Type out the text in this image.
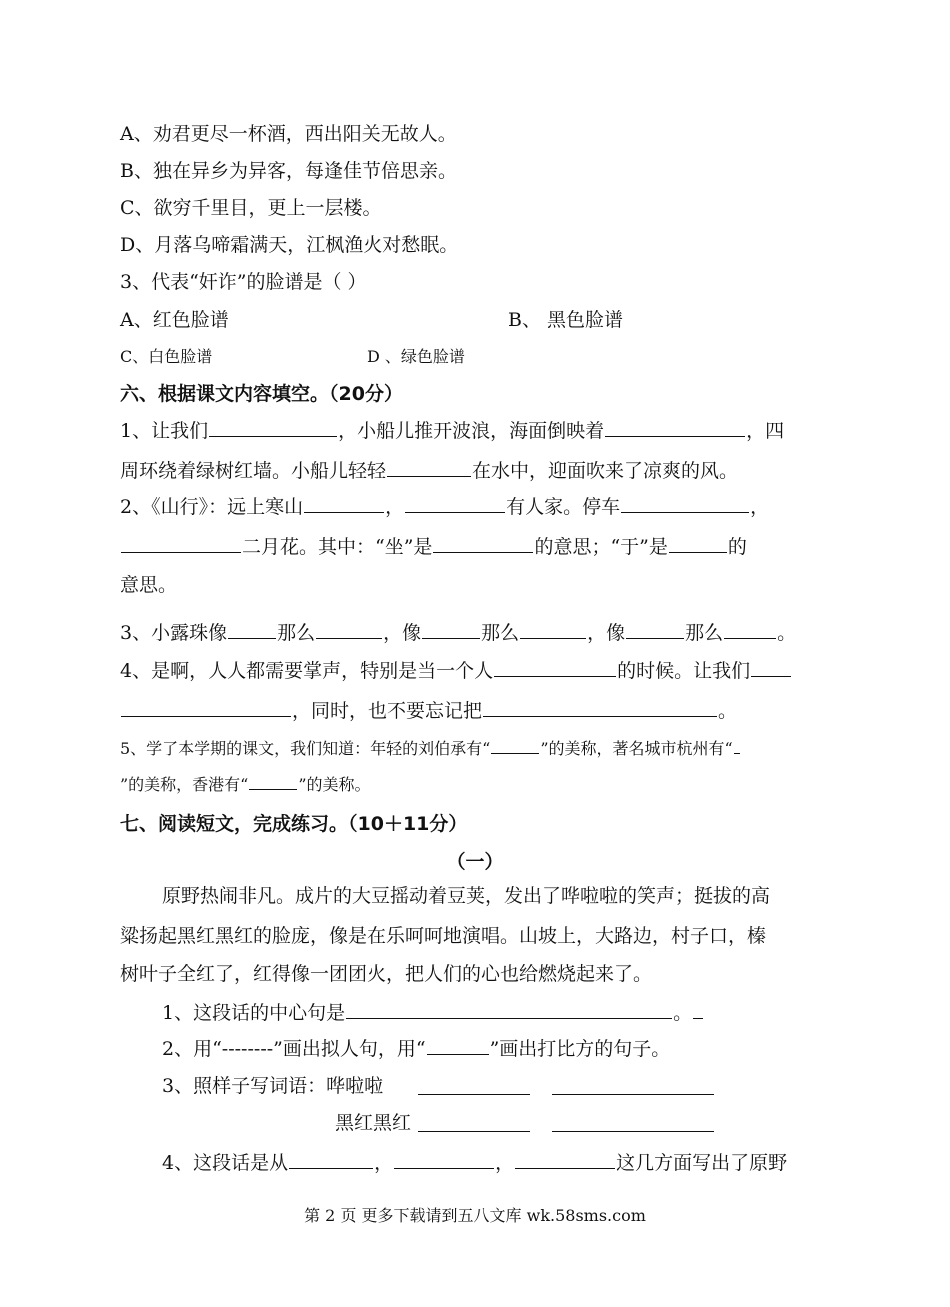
A、劝君更尽一杯酒，西出阳关无故人。
B、独在异乡为异客，每逢佳节倍思亲。
C、欲穷千里目，更上一层楼。
D、月落乌啼霜满天，江枫渔火对愁眠。
3、代表“奸诈”的脸谱是（ ）
A、红色脸谱	B、 黑色脸谱
C、白色脸谱	D 、绿色脸谱
六、根据课文内容填空。（20分）
1、让我们	，小船儿推开波浪，海面倒映着	，四
周环绕着绿树红墙。小船儿轻轻	在水中，迎面吹来了凉爽的风。
2、《山行》：远上寒山	，	有人家。停车	，
二月花。其中：“坐”是	的意思；“于”是	的
意思。
3、小露珠像	那么	，像	那么	，像	那么	。
4、是啊，人人都需要掌声，特别是当一个人	的时候。让我们
，同时，也不要忘记把	。
5、学了本学期的课文，我们知道：年轻的刘伯承有“	”的美称，著名城市杭州有“
”的美称，香港有“	”的美称。
七、阅读短文，完成练习。（10＋11分）
（一）
原野热闹非凡。成片的大豆摇动着豆荚，发出了哗啦啦的笑声；挺拔的高
粱扬起黑红黑红的脸庞，像是在乐呵呵地演唱。山坡上，大路边，村子口，榛
树叶子全红了，红得像一团团火，把人们的心也给燃烧起来了。
1、这段话的中心句是	。
2、用“--------”画出拟人句，用“	”画出打比方的句子。
3、照样子写词语：哗啦啦
黑红黑红
4、这段话是从	，	，	这几方面写出了原野
第 2 页 更多下载请到五八文库 wk.58sms.com
